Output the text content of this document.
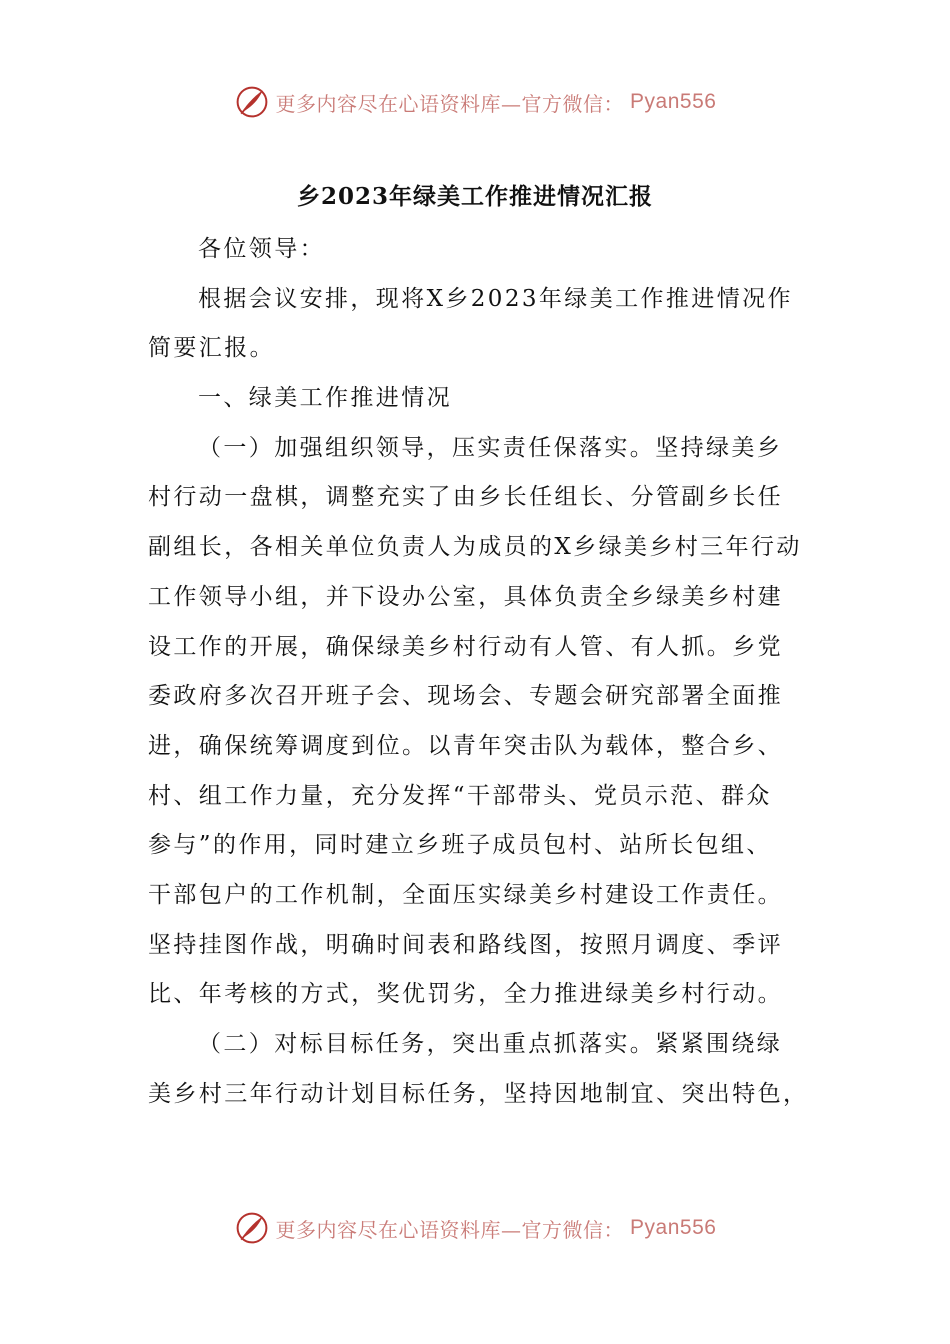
更多内容尽在心语资料库—官方微信： Pyan556
乡2023年绿美工作推进情况汇报
各位领导：
根据会议安排，现将X乡2023年绿美工作推进情况作
简要汇报。
一、绿美工作推进情况
（一）加强组织领导，压实责任保落实。坚持绿美乡
村行动一盘棋，调整充实了由乡长任组长、分管副乡长任
副组长，各相关单位负责人为成员的X乡绿美乡村三年行动
工作领导小组，并下设办公室，具体负责全乡绿美乡村建
设工作的开展，确保绿美乡村行动有人管、有人抓。乡党
委政府多次召开班子会、现场会、专题会研究部署全面推
进，确保统筹调度到位。以青年突击队为载体，整合乡、
村、组工作力量，充分发挥“干部带头、党员示范、群众
参与”的作用，同时建立乡班子成员包村、站所长包组、
干部包户的工作机制，全面压实绿美乡村建设工作责任。
坚持挂图作战，明确时间表和路线图，按照月调度、季评
比、年考核的方式，奖优罚劣，全力推进绿美乡村行动。
（二）对标目标任务，突出重点抓落实。紧紧围绕绿
美乡村三年行动计划目标任务，坚持因地制宜、突出特色，
更多内容尽在心语资料库—官方微信： Pyan556
